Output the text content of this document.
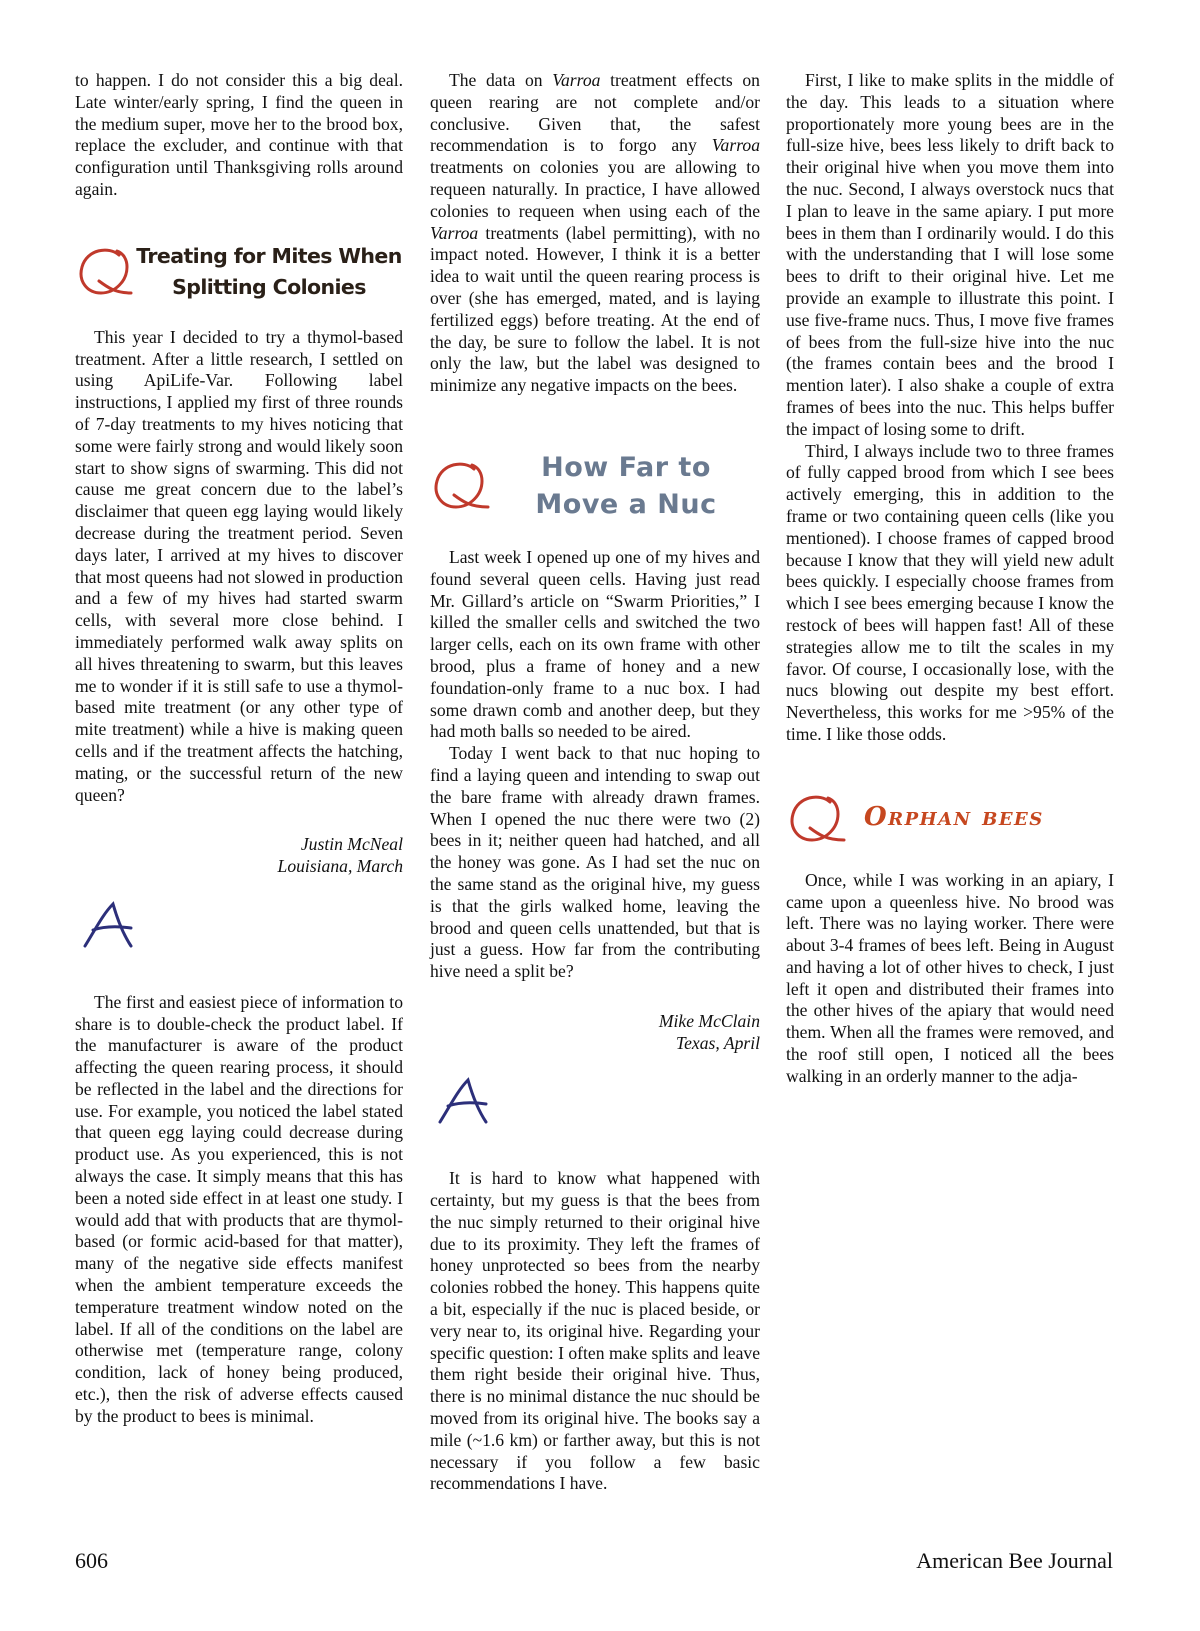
to happen. I do not consider this a big deal. Late winter/early spring, I find the queen in the medium super, move her to the brood box, replace the excluder, and continue with that configuration until Thanksgiving rolls around again.

Treating for Mites When
Splitting Colonies

This year I decided to try a thymol-based treatment. After a little research, I settled on using ApiLife-Var. Following label instructions, I applied my first of three rounds of 7-day treatments to my hives noticing that some were fairly strong and would likely soon start to show signs of swarming. This did not cause me great concern due to the label’s disclaimer that queen egg laying would likely decrease during the treatment period. Seven days later, I arrived at my hives to discover that most queens had not slowed in production and a few of my hives had started swarm cells, with several more close behind. I immediately performed walk away splits on all hives threatening to swarm, but this leaves me to wonder if it is still safe to use a thymol-based mite treatment (or any other type of mite treatment) while a hive is making queen cells and if the treatment affects the hatching, mating, or the successful return of the new queen?

Justin McNeal
Louisiana, March

The first and easiest piece of information to share is to double-check the product label. If the manufacturer is aware of the product affecting the queen rearing process, it should be reflected in the label and the directions for use. For example, you noticed the label stated that queen egg laying could decrease during product use. As you experienced, this is not always the case. It simply means that this has been a noted side effect in at least one study. I would add that with products that are thymol-based (or formic acid-based for that matter), many of the negative side effects manifest when the ambient temperature exceeds the temperature treatment window noted on the label. If all of the conditions on the label are otherwise met (temperature range, colony condition, lack of honey being produced, etc.), then the risk of adverse effects caused by the product to bees is minimal.

The data on Varroa treatment effects on queen rearing are not complete and/or conclusive. Given that, the safest recommendation is to forgo any Varroa treatments on colonies you are allowing to requeen naturally. In practice, I have allowed colonies to requeen when using each of the Varroa treatments (label permitting), with no impact noted. However, I think it is a better idea to wait until the queen rearing process is over (she has emerged, mated, and is laying fertilized eggs) before treating. At the end of the day, be sure to follow the label. It is not only the law, but the label was designed to minimize any negative impacts on the bees.

How Far to
Move a Nuc

Last week I opened up one of my hives and found several queen cells. Having just read Mr. Gillard’s article on “Swarm Priorities,” I killed the smaller cells and switched the two larger cells, each on its own frame with other brood, plus a frame of honey and a new foundation-only frame to a nuc box. I had some drawn comb and another deep, but they had moth balls so needed to be aired.

Today I went back to that nuc hoping to find a laying queen and intending to swap out the bare frame with already drawn frames. When I opened the nuc there were two (2) bees in it; neither queen had hatched, and all the honey was gone. As I had set the nuc on the same stand as the original hive, my guess is that the girls walked home, leaving the brood and queen cells unattended, but that is just a guess. How far from the contributing hive need a split be?

Mike McClain
Texas, April

It is hard to know what happened with certainty, but my guess is that the bees from the nuc simply returned to their original hive due to its proximity. They left the frames of honey unprotected so bees from the nearby colonies robbed the honey. This happens quite a bit, especially if the nuc is placed beside, or very near to, its original hive. Regarding your specific question: I often make splits and leave them right beside their original hive. Thus, there is no minimal distance the nuc should be moved from its original hive. The books say a mile (~1.6 km) or farther away, but this is not necessary if you follow a few basic recommendations I have.

First, I like to make splits in the middle of the day. This leads to a situation where proportionately more young bees are in the full-size hive, bees less likely to drift back to their original hive when you move them into the nuc. Second, I always overstock nucs that I plan to leave in the same apiary. I put more bees in them than I ordinarily would. I do this with the understanding that I will lose some bees to drift to their original hive. Let me provide an example to illustrate this point. I use five-frame nucs. Thus, I move five frames of bees from the full-size hive into the nuc (the frames contain bees and the brood I mention later). I also shake a couple of extra frames of bees into the nuc. This helps buffer the impact of losing some to drift.

Third, I always include two to three frames of fully capped brood from which I see bees actively emerging, this in addition to the frame or two containing queen cells (like you mentioned). I choose frames of capped brood because I know that they will yield new adult bees quickly. I especially choose frames from which I see bees emerging because I know the restock of bees will happen fast! All of these strategies allow me to tilt the scales in my favor. Of course, I occasionally lose, with the nucs blowing out despite my best effort. Nevertheless, this works for me >95% of the time. I like those odds.

Orphan bees

Once, while I was working in an apiary, I came upon a queenless hive. No brood was left. There was no laying worker. There were about 3-4 frames of bees left. Being in August and having a lot of other hives to check, I just left it open and distributed their frames into the other hives of the apiary that would need them. When all the frames were removed, and the roof still open, I noticed all the bees walking in an orderly manner to the adja-

606	American Bee Journal
